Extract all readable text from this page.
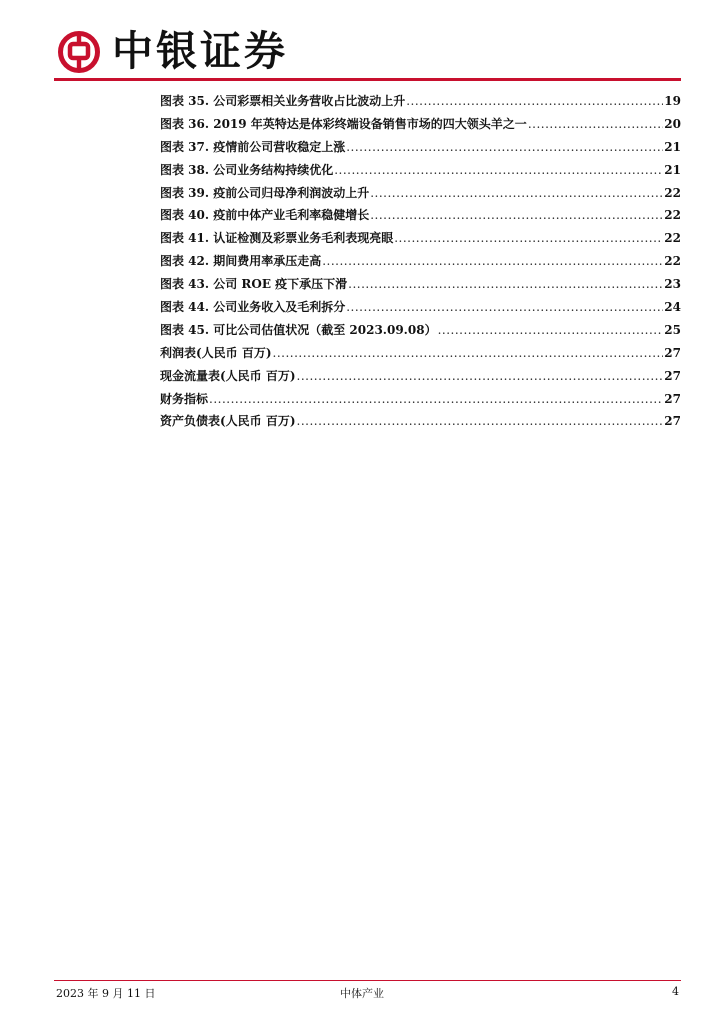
中银证券
图表 35. 公司彩票相关业务营收占比波动上升 .....	19
图表 36. 2019 年英特达是体彩终端设备销售市场的四大领头羊之一 .....	20
图表 37. 疫情前公司营收稳定上涨 .....	21
图表 38. 公司业务结构持续优化 .....	21
图表 39. 疫前公司归母净利润波动上升 .....	22
图表 40. 疫前中体产业毛利率稳健增长 .....	22
图表 41. 认证检测及彩票业务毛利表现亮眼 .....	22
图表 42. 期间费用率承压走高 .....	22
图表 43. 公司 ROE 疫下承压下滑 .....	23
图表 44. 公司业务收入及毛利拆分 .....	24
图表 45. 可比公司估值状况（截至 2023.09.08） .....	25
利润表(人民币 百万) .....	27
现金流量表(人民币 百万) .....	27
财务指标 .....	27
资产负债表(人民币 百万) .....	27
2023 年 9 月 11 日	中体产业	4
